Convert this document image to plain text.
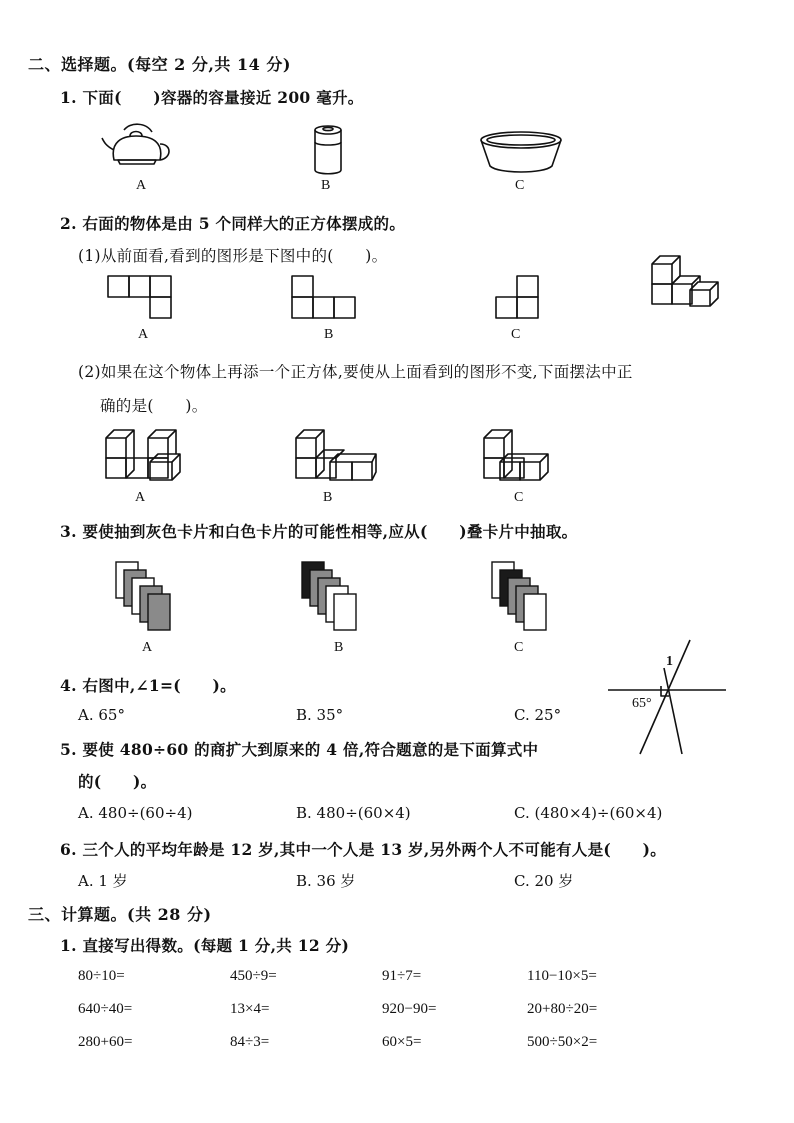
二、选择题。(每空 2 分,共 14 分)
1. 下面(　　)容器的容量接近 200 毫升。
A	B	C
2. 右面的物体是由 5 个同样大的正方体摆成的。
(1)从前面看,看到的图形是下图中的(　　)。
A	B	C
(2)如果在这个物体上再添一个正方体,要使从上面看到的图形不变,下面摆法中正
确的是(　　)。
A	B	C
3. 要使抽到灰色卡片和白色卡片的可能性相等,应从(　　)叠卡片中抽取。
A	B	C
4. 右图中,∠1=(　　)。
A. 65°	B. 35°	C. 25°
1
65°
5. 要使 480÷60 的商扩大到原来的 4 倍,符合题意的是下面算式中
的(　　)。
A. 480÷(60÷4)	B. 480÷(60×4)	C. (480×4)÷(60×4)
6. 三个人的平均年龄是 12 岁,其中一个人是 13 岁,另外两个人不可能有人是(　　)。
A. 1 岁	B. 36 岁	C. 20 岁
三、计算题。(共 28 分)
1. 直接写出得数。(每题 1 分,共 12 分)
80÷10=	450÷9=	91÷7=	110−10×5=
640÷40=	13×4=	920−90=	20+80÷20=
280+60=	84÷3=	60×5=	500÷50×2=
